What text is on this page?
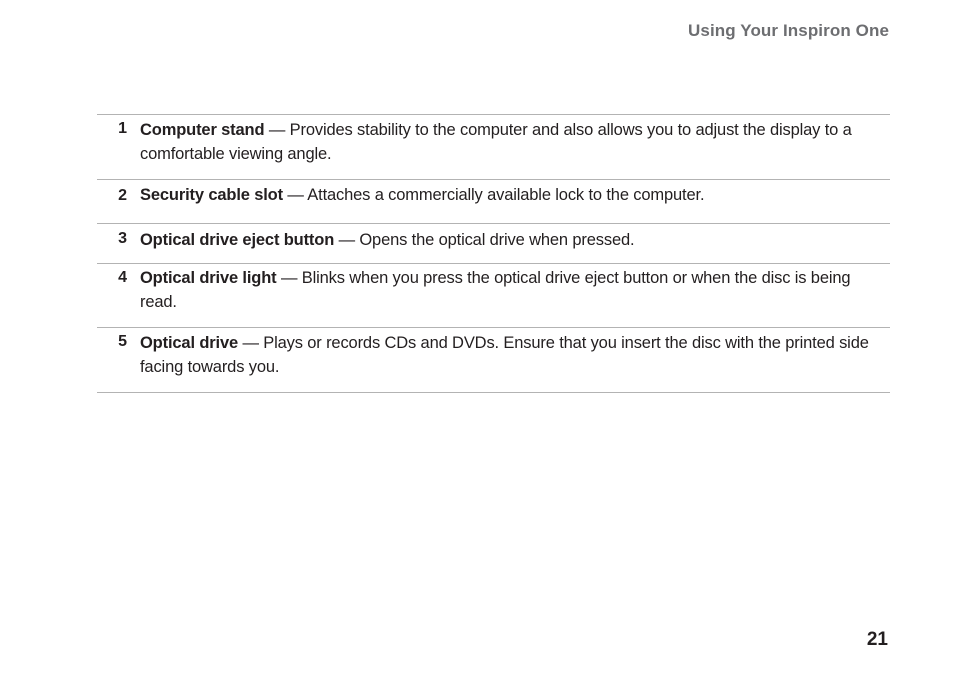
Using Your Inspiron One
1 Computer stand — Provides stability to the computer and also allows you to adjust the display to a comfortable viewing angle.
2 Security cable slot — Attaches a commercially available lock to the computer.
3 Optical drive eject button — Opens the optical drive when pressed.
4 Optical drive light — Blinks when you press the optical drive eject button or when the disc is being read.
5 Optical drive — Plays or records CDs and DVDs. Ensure that you insert the disc with the printed side facing towards you.
21
